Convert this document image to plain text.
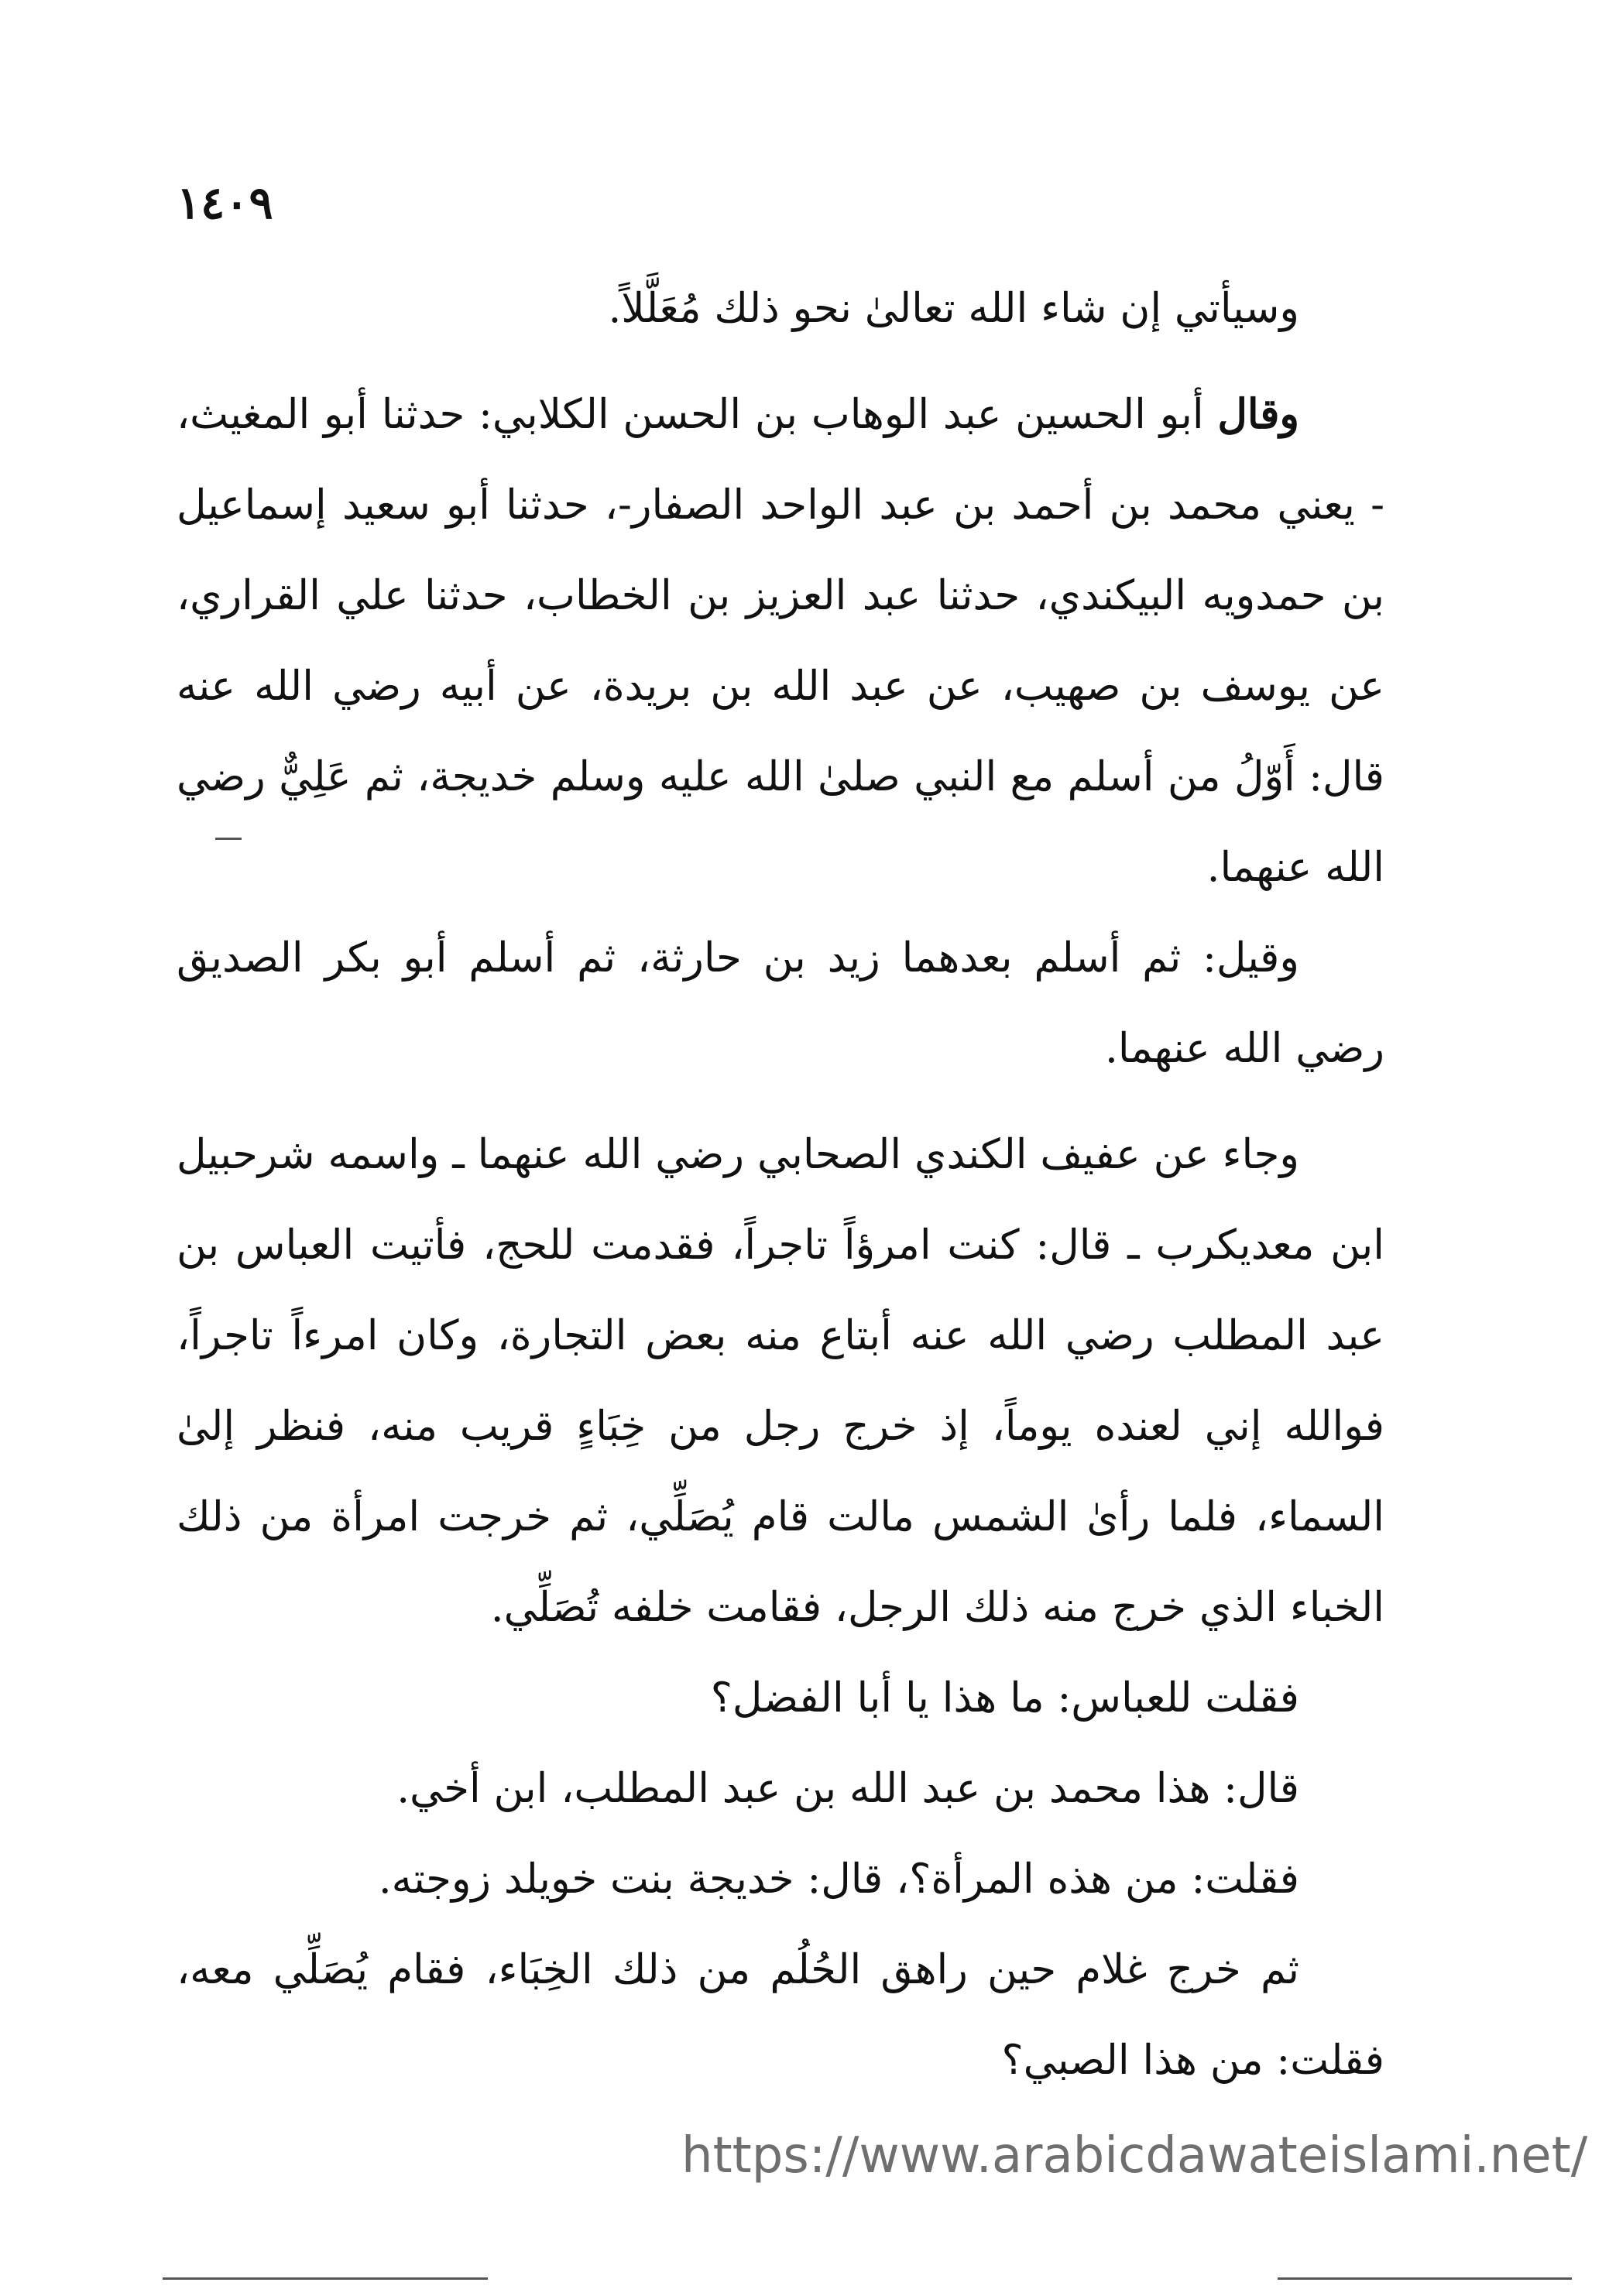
١٤٠٩

وسيأتي إن شاء الله تعالىٰ نحو ذلك مُعَلَّلاً.

وقال أبو الحسين عبد الوهاب بن الحسن الكلابي: حدثنا أبو المغيث، - يعني محمد بن أحمد بن عبد الواحد الصفار-، حدثنا أبو سعيد إسماعيل بن حمدويه البيكندي، حدثنا عبد العزيز بن الخطاب، حدثنا علي القراري، عن يوسف بن صهيب، عن عبد الله بن بريدة، عن أبيه رضي الله عنه قال: أَوّلُ من أسلم مع النبي صلىٰ الله عليه وسلم خديجة، ثم عَلِيٌّ رضي الله عنهما.

وقيل: ثم أسلم بعدهما زيد بن حارثة، ثم أسلم أبو بكر الصديق رضي الله عنهما.

وجاء عن عفيف الكندي الصحابي رضي الله عنهما ـ واسمه شرحبيل ابن معديكرب ـ قال: كنت امرؤاً تاجراً، فقدمت للحج، فأتيت العباس بن عبد المطلب رضي الله عنه أبتاع منه بعض التجارة، وكان امرءاً تاجراً، فوالله إني لعنده يوماً، إذ خرج رجل من خِبَاءٍ قريب منه، فنظر إلىٰ السماء، فلما رأىٰ الشمس مالت قام يُصَلِّي، ثم خرجت امرأة من ذلك الخباء الذي خرج منه ذلك الرجل، فقامت خلفه تُصَلِّي.

فقلت للعباس: ما هذا يا أبا الفضل؟

قال: هذا محمد بن عبد الله بن عبد المطلب، ابن أخي.

فقلت: من هذه المرأة؟، قال: خديجة بنت خويلد زوجته.

ثم خرج غلام حين راهق الحُلُم من ذلك الخِبَاء، فقام يُصَلِّي معه، فقلت: من هذا الصبي؟

https://www.arabicdawateislami.net/
